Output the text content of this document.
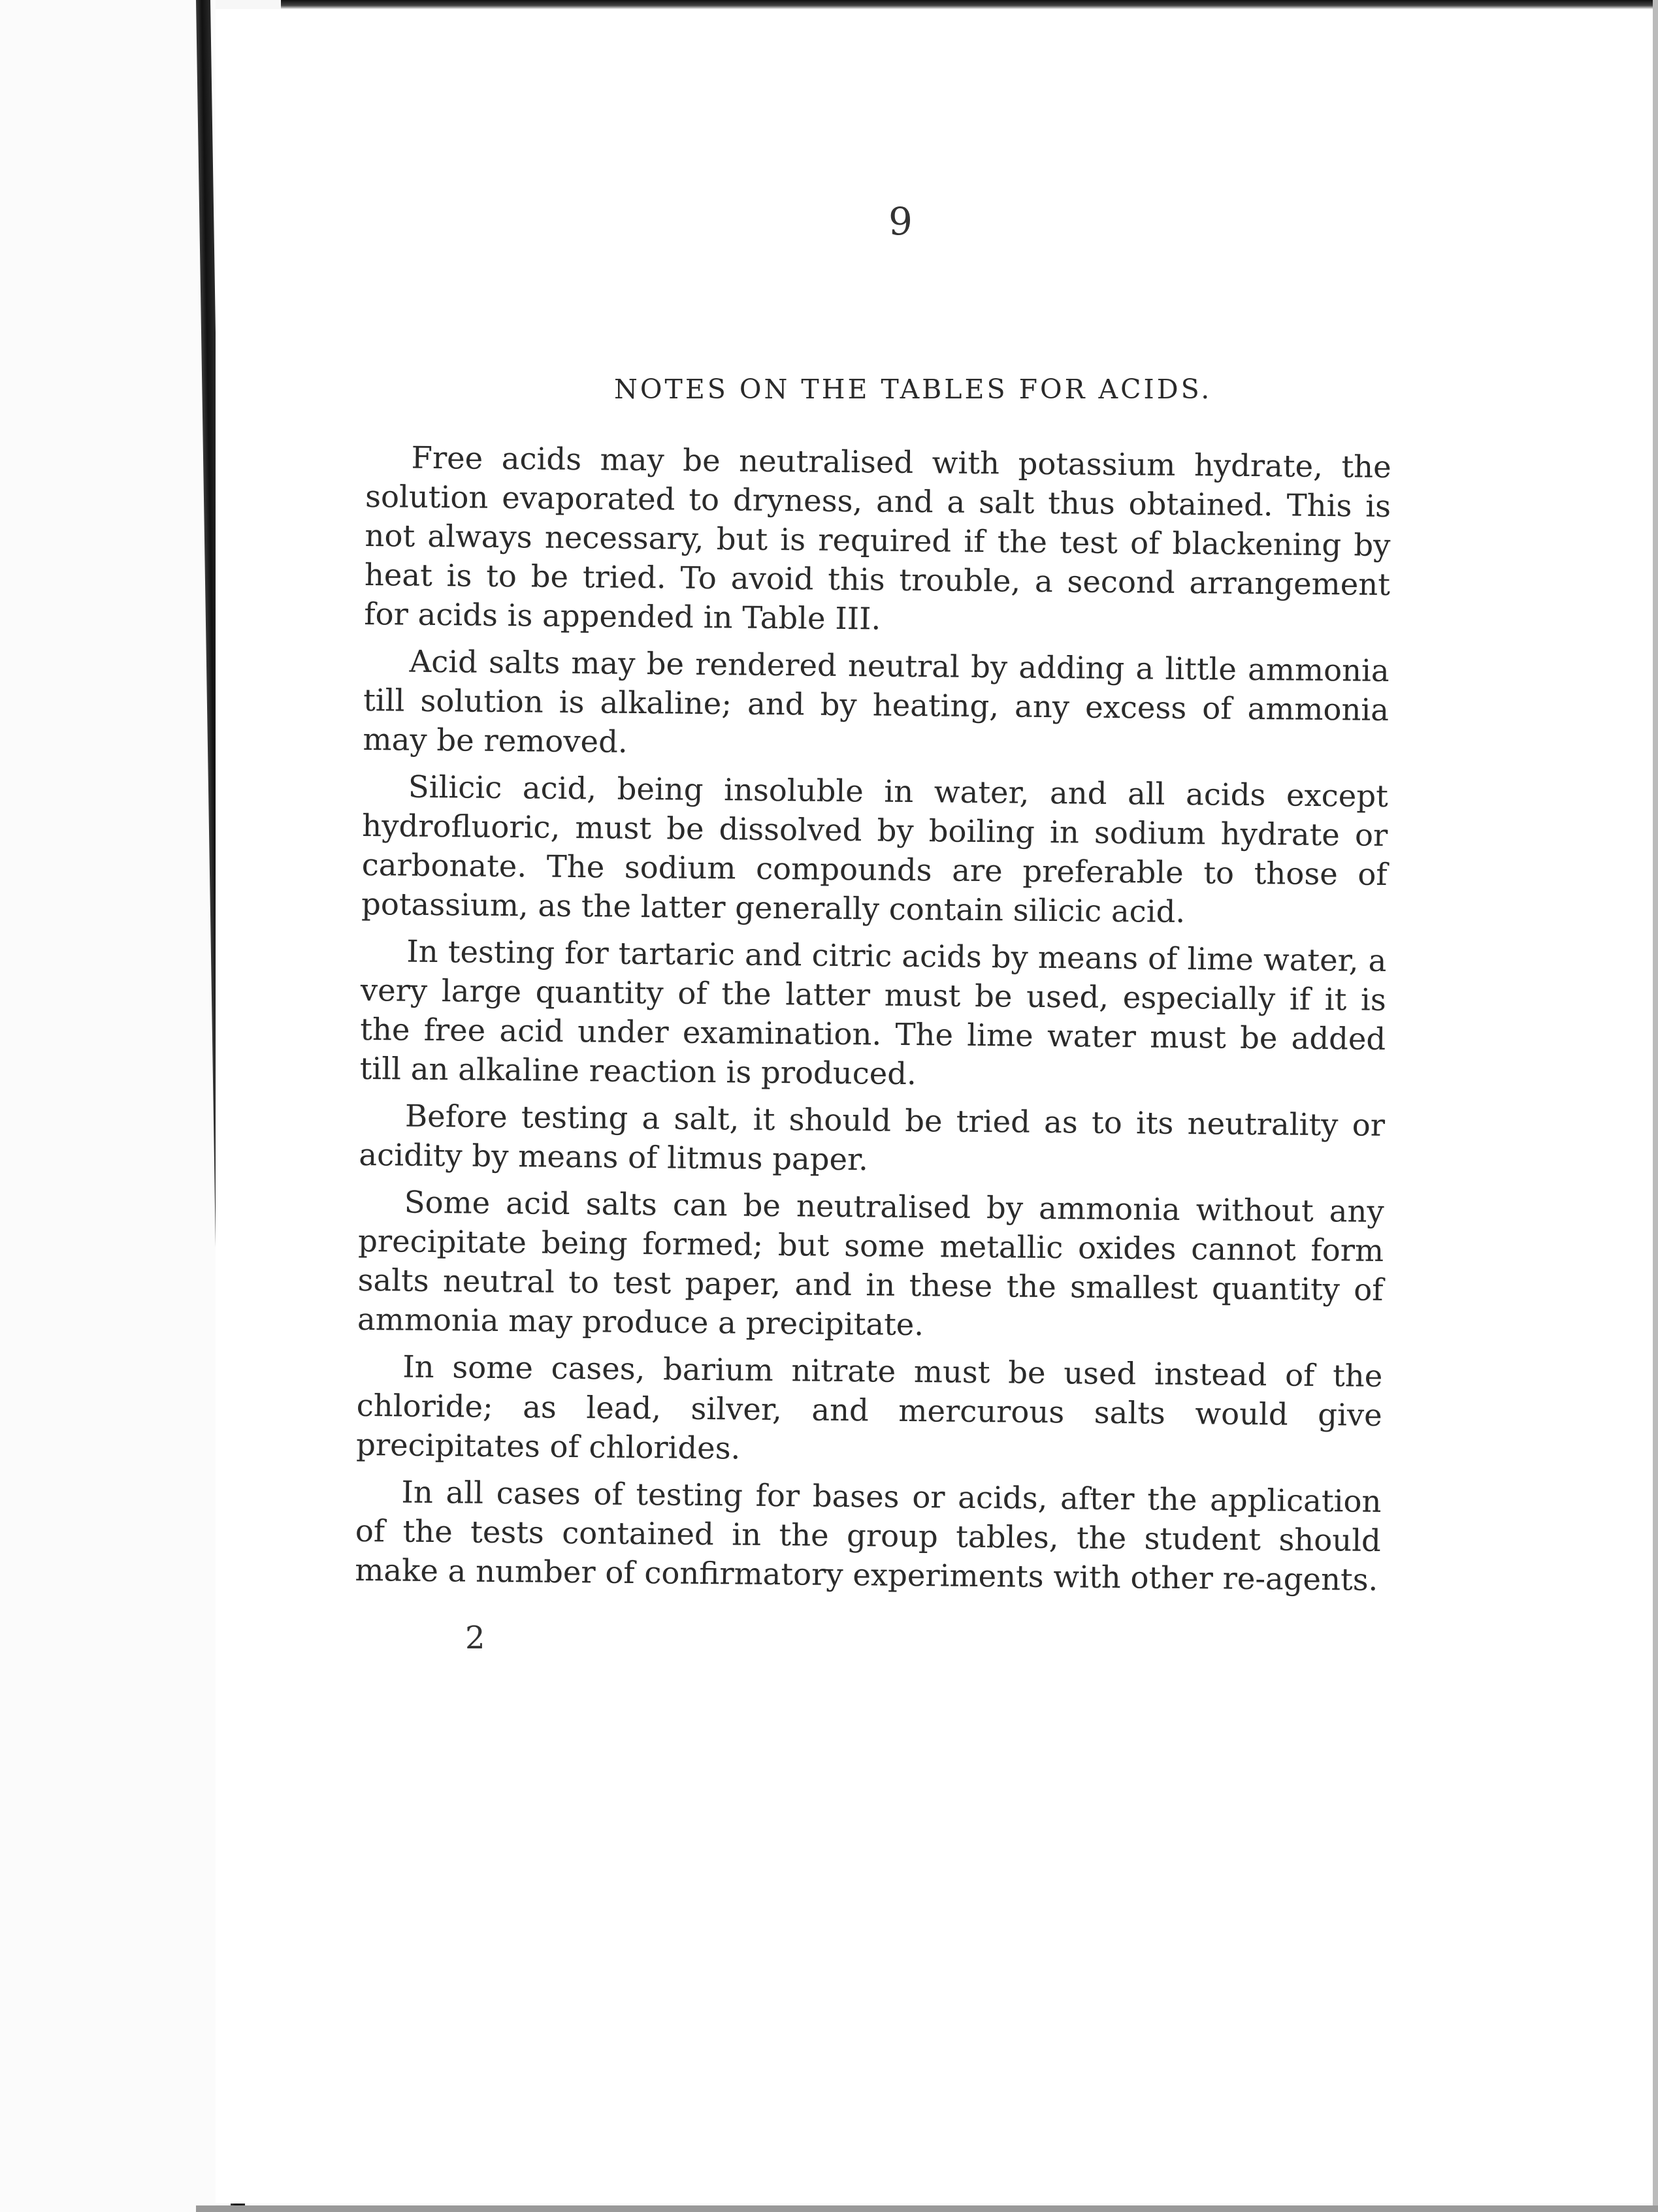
9
NOTES ON THE TABLES FOR ACIDS.

Free acids may be neutralised with potassium hydrate, the solution evaporated to dryness, and a salt thus obtained. This is not always necessary, but is required if the test of blackening by heat is to be tried. To avoid this trouble, a second arrangement for acids is appended in Table III.

Acid salts may be rendered neutral by adding a little ammonia till solution is alkaline; and by heating, any excess of ammonia may be removed.

Silicic acid, being insoluble in water, and all acids except hydrofluoric, must be dissolved by boiling in sodium hydrate or carbonate. The sodium compounds are preferable to those of potassium, as the latter generally contain silicic acid.

In testing for tartaric and citric acids by means of lime water, a very large quantity of the latter must be used, especially if it is the free acid under examination. The lime water must be added till an alkaline reaction is produced.

Before testing a salt, it should be tried as to its neutrality or acidity by means of litmus paper.

Some acid salts can be neutralised by ammonia without any precipitate being formed; but some metallic oxides cannot form salts neutral to test paper, and in these the smallest quantity of ammonia may produce a precipitate.

In some cases, barium nitrate must be used instead of the chloride; as lead, silver, and mercurous salts would give precipitates of chlorides.

In all cases of testing for bases or acids, after the application of the tests contained in the group tables, the student should make a number of confirmatory experiments with other re-agents.

2
